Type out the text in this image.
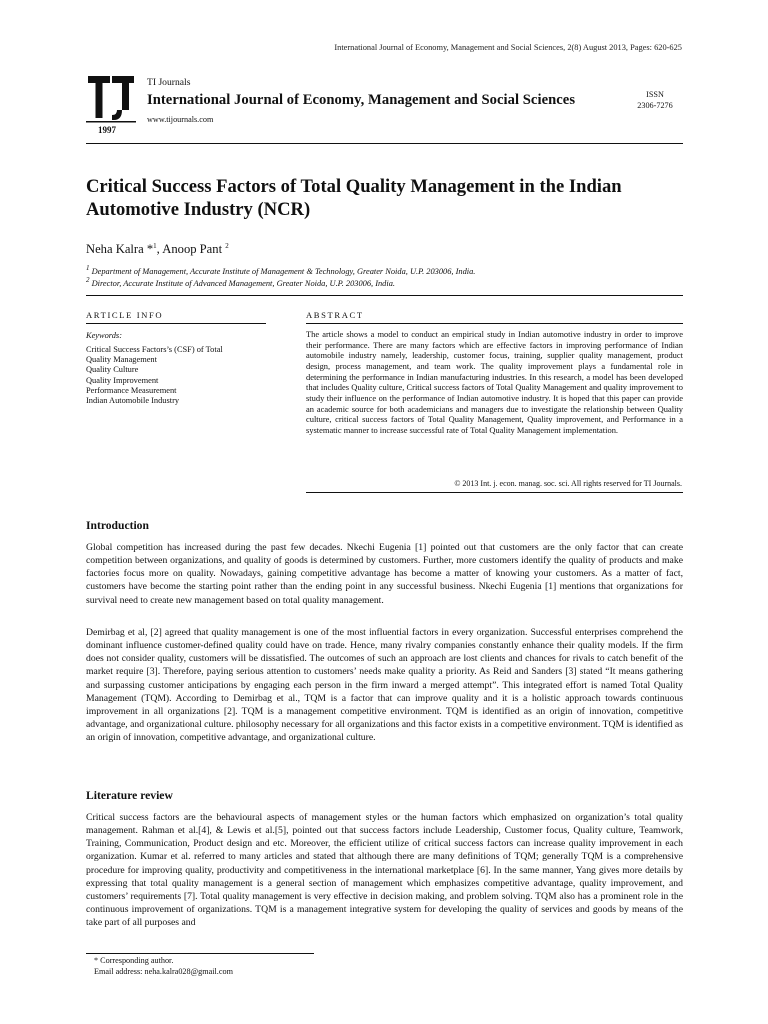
International Journal of Economy, Management and Social Sciences, 2(8) August 2013, Pages: 620-625
1997
TI Journals
International Journal of Economy, Management and Social Sciences
www.tijournals.com
ISSN
2306-7276
Critical Success Factors of Total Quality Management in the Indian Automotive Industry (NCR)
Neha Kalra *$^1$, Anoop Pant $^2$
$^1$ Department of Management, Accurate Institute of Management & Technology, Greater Noida, U.P. 203006, India.
$^2$ Director, Accurate Institute of Advanced Management, Greater Noida, U.P. 203006, India.
ARTICLE INFO	ABSTRACT
Keywords:
Critical Success Factors’s (CSF) of Total
Quality Management
Quality Culture
Quality Improvement
Performance Measurement
Indian Automobile Industry

The article shows a model to conduct an empirical study in Indian automotive industry in order to improve their performance. There are many factors which are effective factors in improving performance of Indian automobile industry namely, leadership, customer focus, training, supplier quality management, product design, process management, and team work. The quality improvement plays a fundamental role in determining the performance in Indian manufacturing industries. In this research, a model has been developed that includes Quality culture, Critical success factors of Total Quality Management and quality improvement to study their influence on the performance of Indian automotive industry. It is hoped that this paper can provide an academic source for both academicians and managers due to investigate the relationship between Quality culture, critical success factors of Total Quality Management, Quality improvement, and Performance in a systematic manner to increase successful rate of Total Quality Management implementation.

© 2013 Int. j. econ. manag. soc. sci. All rights reserved for TI Journals.
Introduction

Global competition has increased during the past few decades. Nkechi Eugenia [1] pointed out that customers are the only factor that can create competition between organizations, and quality of goods is determined by customers. Further, more customers identify the quality of products and make factories focus more on quality. Nowadays, gaining competitive advantage has become a matter of knowing your customers. As a matter of fact, customers have become the starting point rather than the ending point in any successful business. Nkechi Eugenia [1] mentions that organizations for survival need to create new management based on total quality management.

Demirbag et al, [2] agreed that quality management is one of the most influential factors in every organization. Successful enterprises comprehend the dominant influence customer-defined quality could have on trade. Hence, many rivalry companies constantly enhance their quality models. If the firm does not consider quality, customers will be dissatisfied. The outcomes of such an approach are lost clients and chances for rivals to catch benefit of the market require [3]. Therefore, paying serious attention to customers’ needs make quality a priority. As Reid and Sanders [3] stated “It means gathering and surpassing customer anticipations by engaging each person in the firm inward a merged attempt”. This integrated effort is named Total Quality Management (TQM). According to Demirbag et al., TQM is a factor that can improve quality and it is a holistic approach towards continuous improvement in all organizations [2]. TQM is a management competitive environment. TQM is identified as an origin of innovation, competitive advantage, and organizational culture. philosophy necessary for all organizations and this factor exists in a competitive environment. TQM is identified as an origin of innovation, competitive advantage, and organizational culture.

Literature review

Critical success factors are the behavioural aspects of management styles or the human factors which emphasized on organization’s total quality management. Rahman et al.[4], & Lewis et al.[5], pointed out that success factors include Leadership, Customer focus, Quality culture, Teamwork, Training, Communication, Product design and etc. Moreover, the efficient utilize of critical success factors can increase quality improvement in each organization. Kumar et al. referred to many articles and stated that although there are many definitions of TQM; generally TQM is a comprehensive procedure for improving quality, productivity and competitiveness in the international marketplace [6]. In the same manner, Yang gives more details by expressing that total quality management is a general section of management which emphasizes competitive advantage, quality improvement, and customers’ requirements [7]. Total quality management is very effective in decision making, and problem solving. TQM also has a prominent role in the continuous improvement of organizations. TQM is a management integrative system for developing the quality of services and goods by means of the take part of all purposes and

* Corresponding author.
Email address: neha.kalra028@gmail.com
